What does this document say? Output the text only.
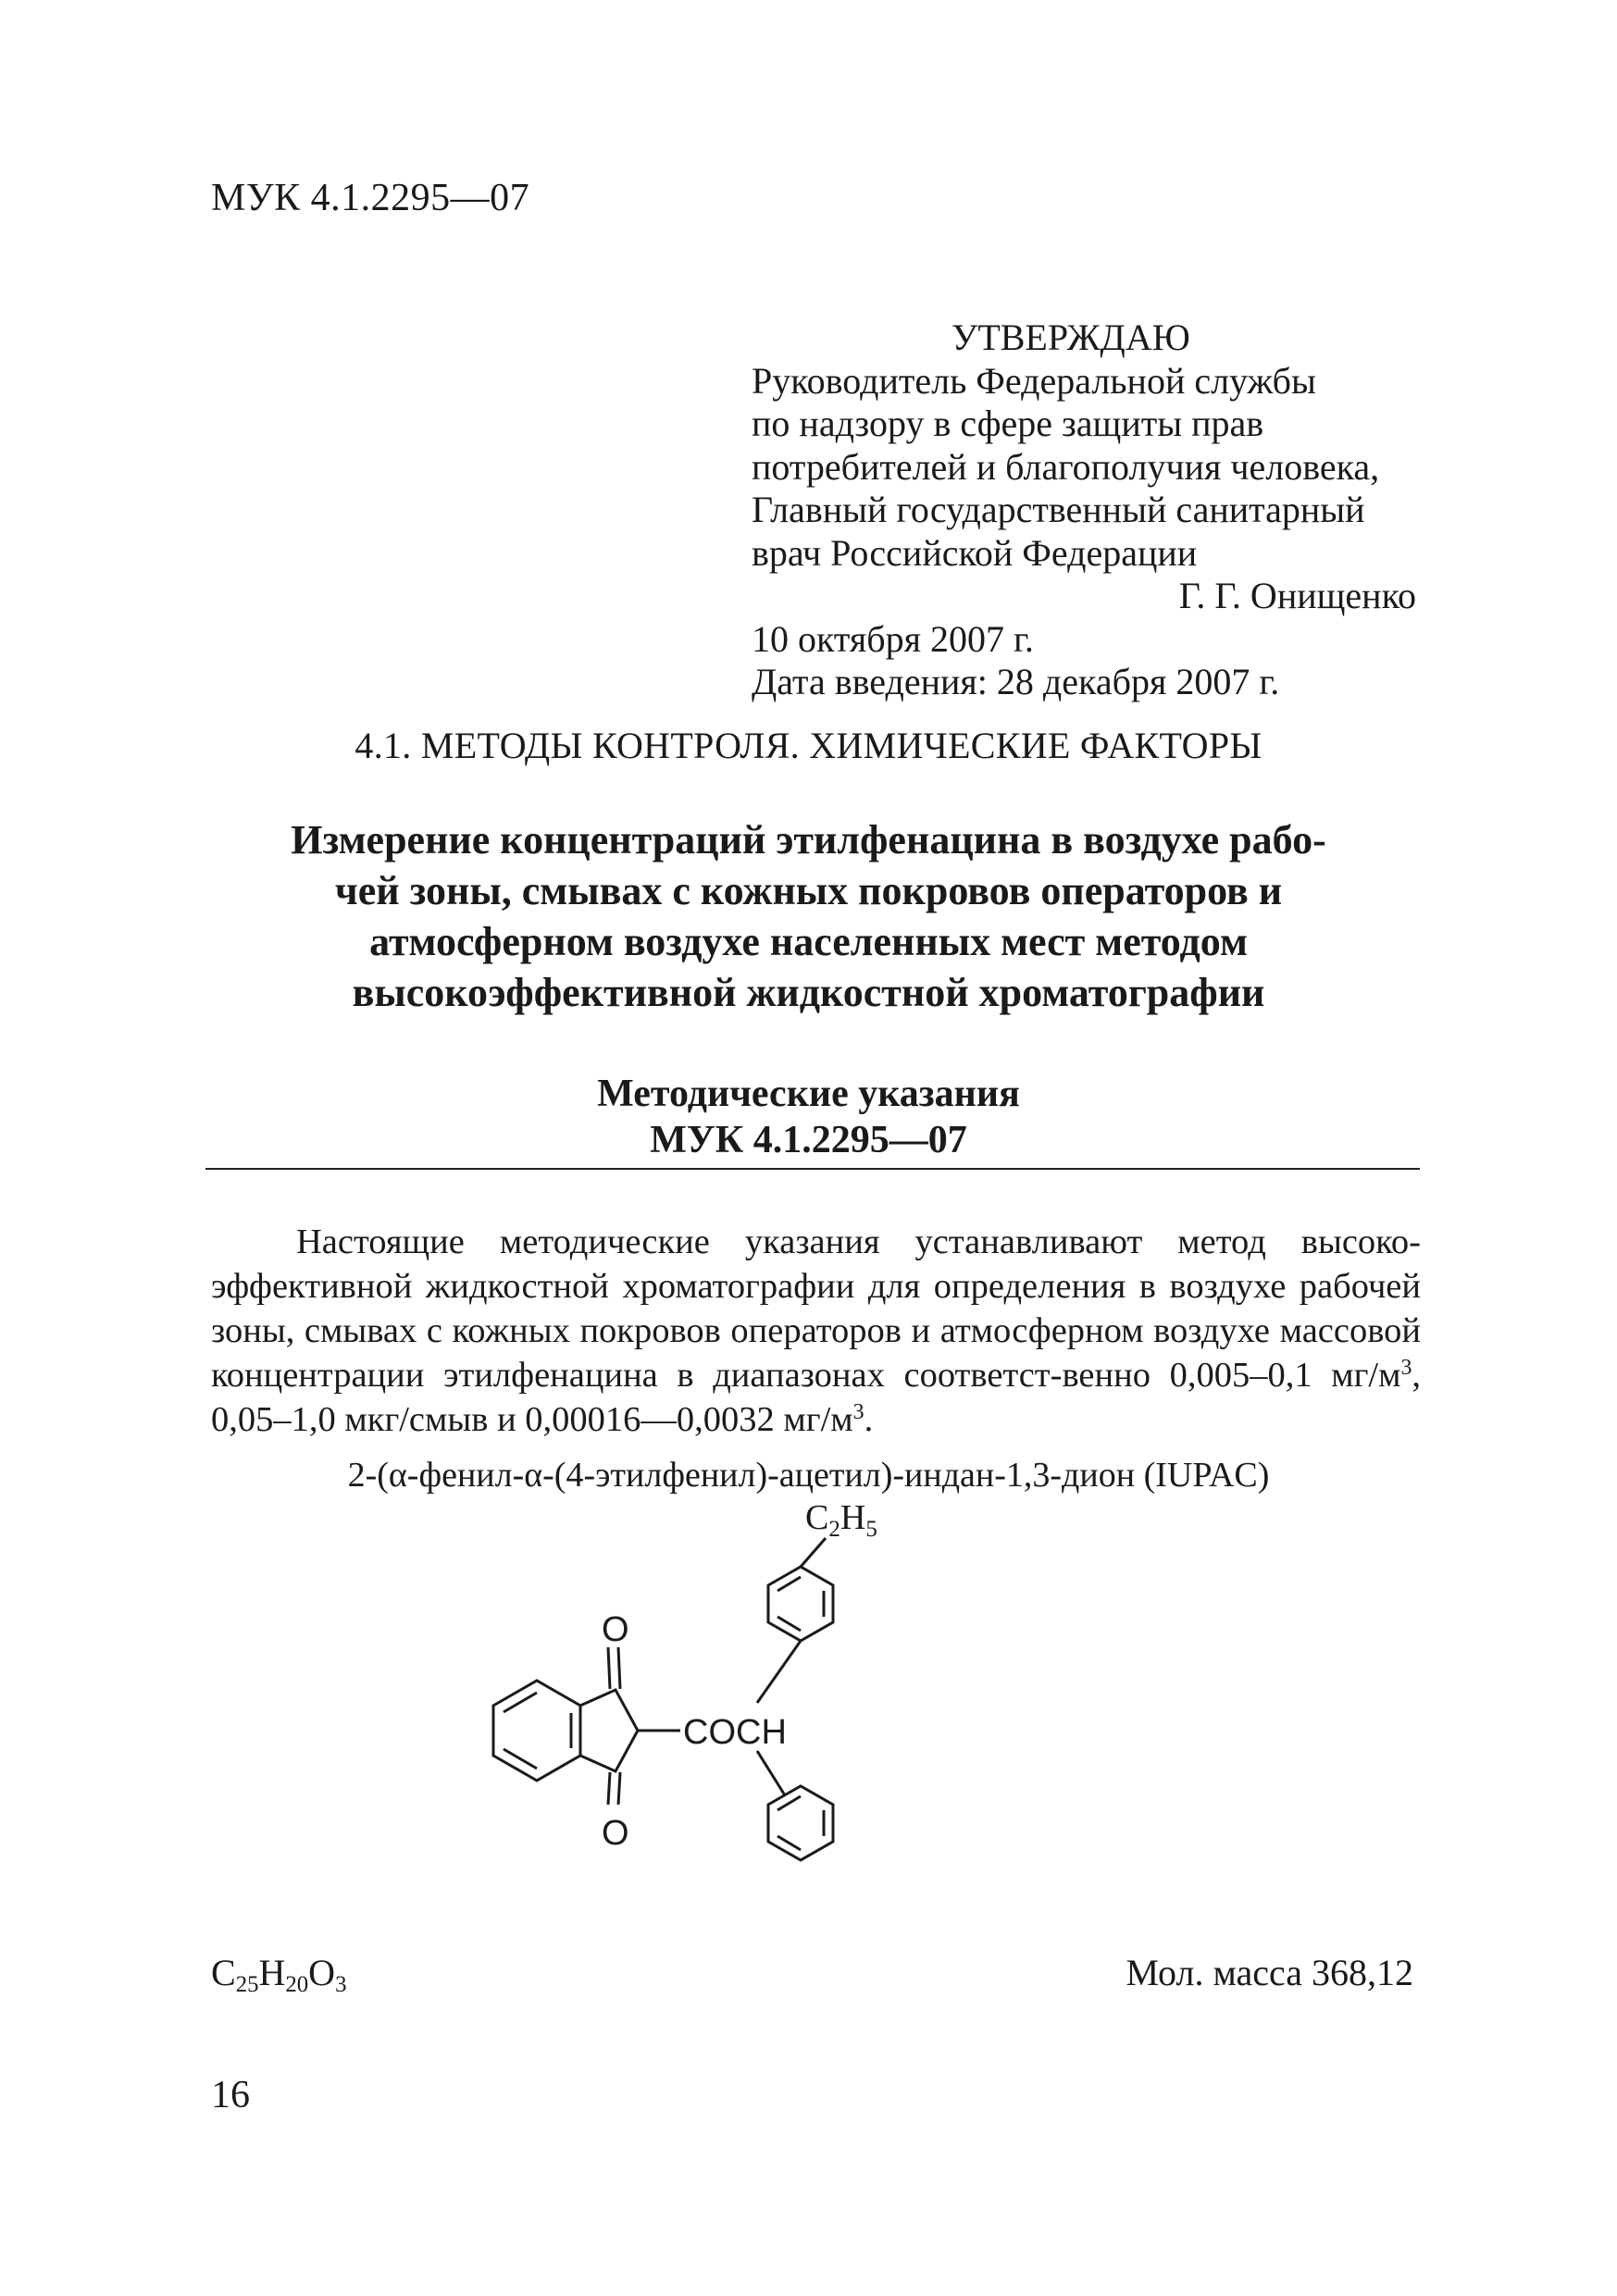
МУК 4.1.2295—07
УТВЕРЖДАЮ
Руководитель Федеральной службы
по надзору в сфере защиты прав
потребителей и благополучия человека,
Главный государственный санитарный
врач Российской Федерации
Г. Г. Онищенко
10 октября 2007 г.
Дата введения: 28 декабря 2007 г.
4.1. МЕТОДЫ КОНТРОЛЯ. ХИМИЧЕСКИЕ ФАКТОРЫ
Измерение концентраций этилфенацина в воздухе рабо-
чей зоны, смывах с кожных покровов операторов и
атмосферном воздухе населенных мест методом
высокоэффективной жидкостной хроматографии
Методические указания
МУК 4.1.2295—07
Настоящие методические указания устанавливают метод высоко-эффективной жидкостной хроматографии для определения в воздухе рабочей зоны, смывах с кожных покровов операторов и атмосферном воздухе массовой концентрации этилфенацина в диапазонах соответст-венно 0,005–0,1 $мг/м^3$, 0,05–1,0 мкг/смыв и 0,00016—0,0032 $мг/м^3$.
2-(α-фенил-α-(4-этилфенил)-ацетил)-индан-1,3-дион (IUPAC)
O
O
COCH
$C_2H_5$
$C_{25}H_{20}O_3$	Мол. масса 368,12
16
